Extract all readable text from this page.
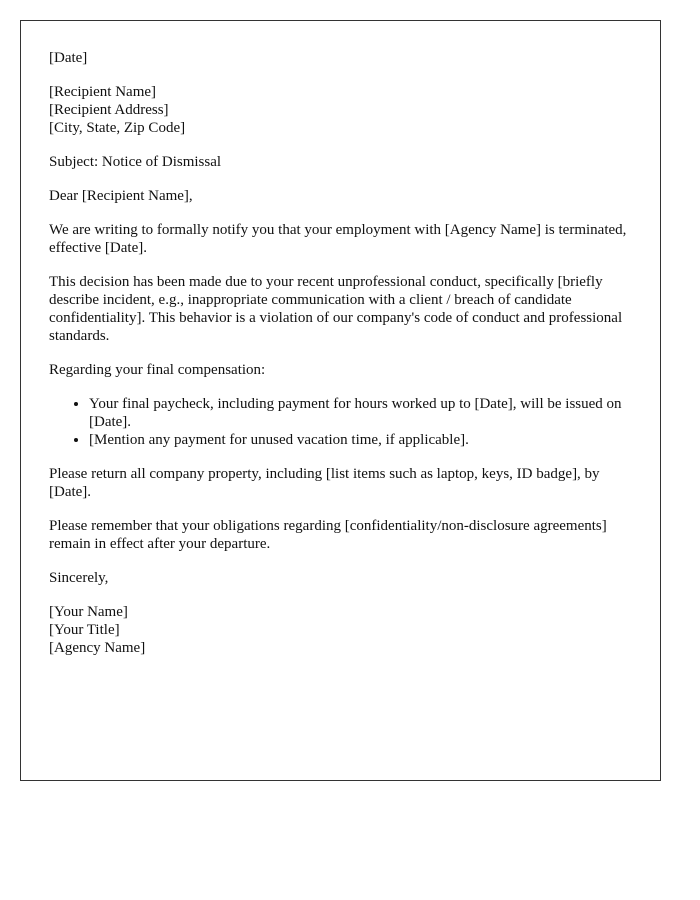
[Date]

[Recipient Name]
[Recipient Address]
[City, State, Zip Code]

Subject: Notice of Dismissal

Dear [Recipient Name],

We are writing to formally notify you that your employment with [Agency Name] is terminated, effective [Date].

This decision has been made due to your recent unprofessional conduct, specifically [briefly describe incident, e.g., inappropriate communication with a client / breach of candidate confidentiality]. This behavior is a violation of our company's code of conduct and professional standards.

Regarding your final compensation:

• Your final paycheck, including payment for hours worked up to [Date], will be issued on [Date].
• [Mention any payment for unused vacation time, if applicable].

Please return all company property, including [list items such as laptop, keys, ID badge], by [Date].

Please remember that your obligations regarding [confidentiality/non-disclosure agreements] remain in effect after your departure.

Sincerely,

[Your Name]
[Your Title]
[Agency Name]
